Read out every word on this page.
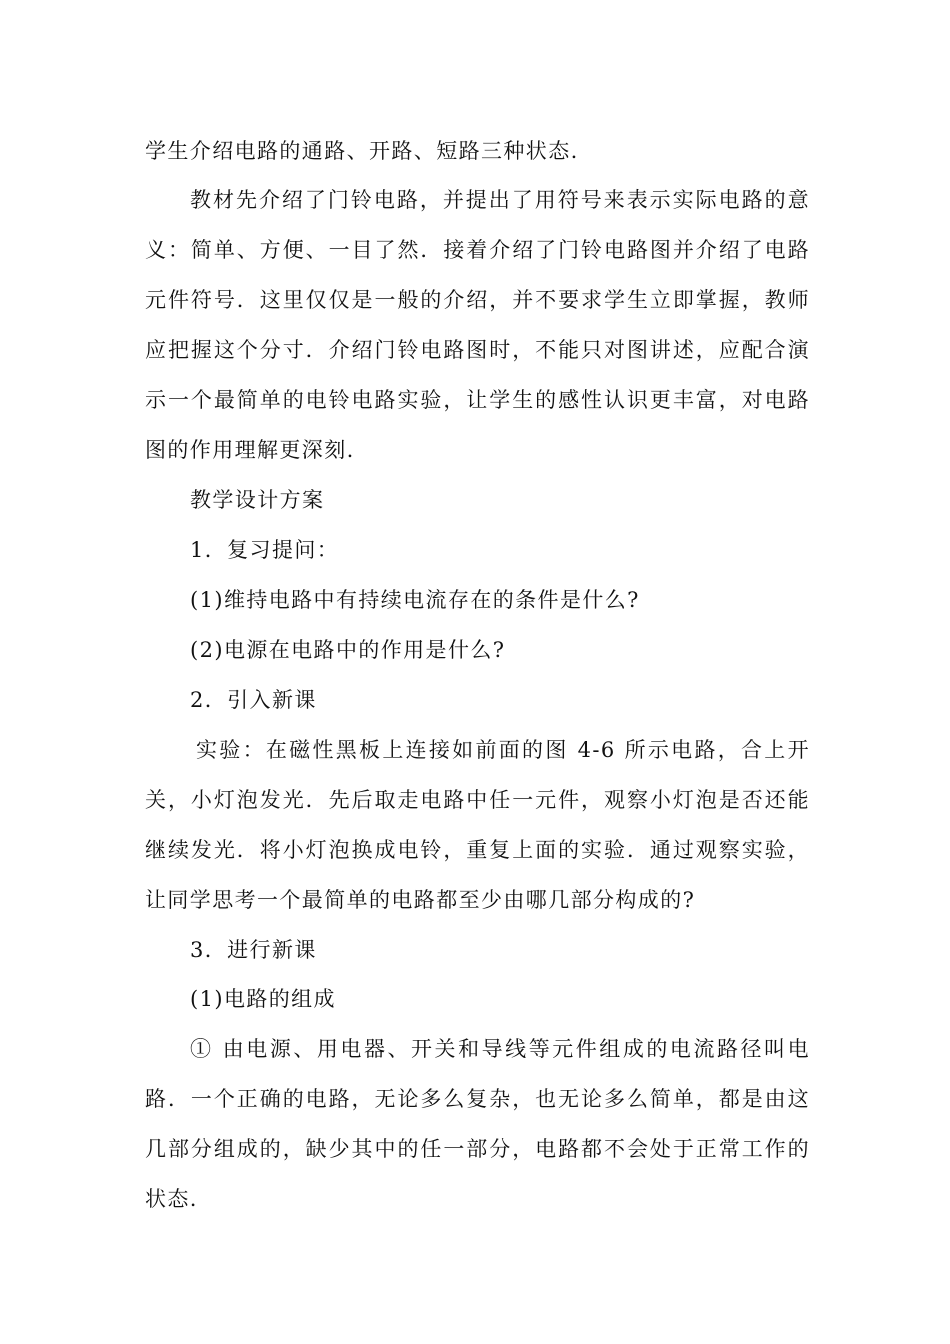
学生介绍电路的通路、开路、短路三种状态.
教材先介绍了门铃电路，并提出了用符号来表示实际电路的意
义：简单、方便、一目了然．接着介绍了门铃电路图并介绍了电路
元件符号．这里仅仅是一般的介绍，并不要求学生立即掌握，教师
应把握这个分寸．介绍门铃电路图时，不能只对图讲述，应配合演
示一个最简单的电铃电路实验，让学生的感性认识更丰富，对电路
图的作用理解更深刻.
教学设计方案
1．复习提问：
(1)维持电路中有持续电流存在的条件是什么?
(2)电源在电路中的作用是什么?
2．引入新课
实验：在磁性黑板上连接如前面的图 4-6 所示电路，合上开
关，小灯泡发光．先后取走电路中任一元件，观察小灯泡是否还能
继续发光．将小灯泡换成电铃，重复上面的实验．通过观察实验，
让同学思考一个最简单的电路都至少由哪几部分构成的?
3．进行新课
(1)电路的组成
① 由电源、用电器、开关和导线等元件组成的电流路径叫电
路．一个正确的电路，无论多么复杂，也无论多么简单，都是由这
几部分组成的，缺少其中的任一部分，电路都不会处于正常工作的
状态.
